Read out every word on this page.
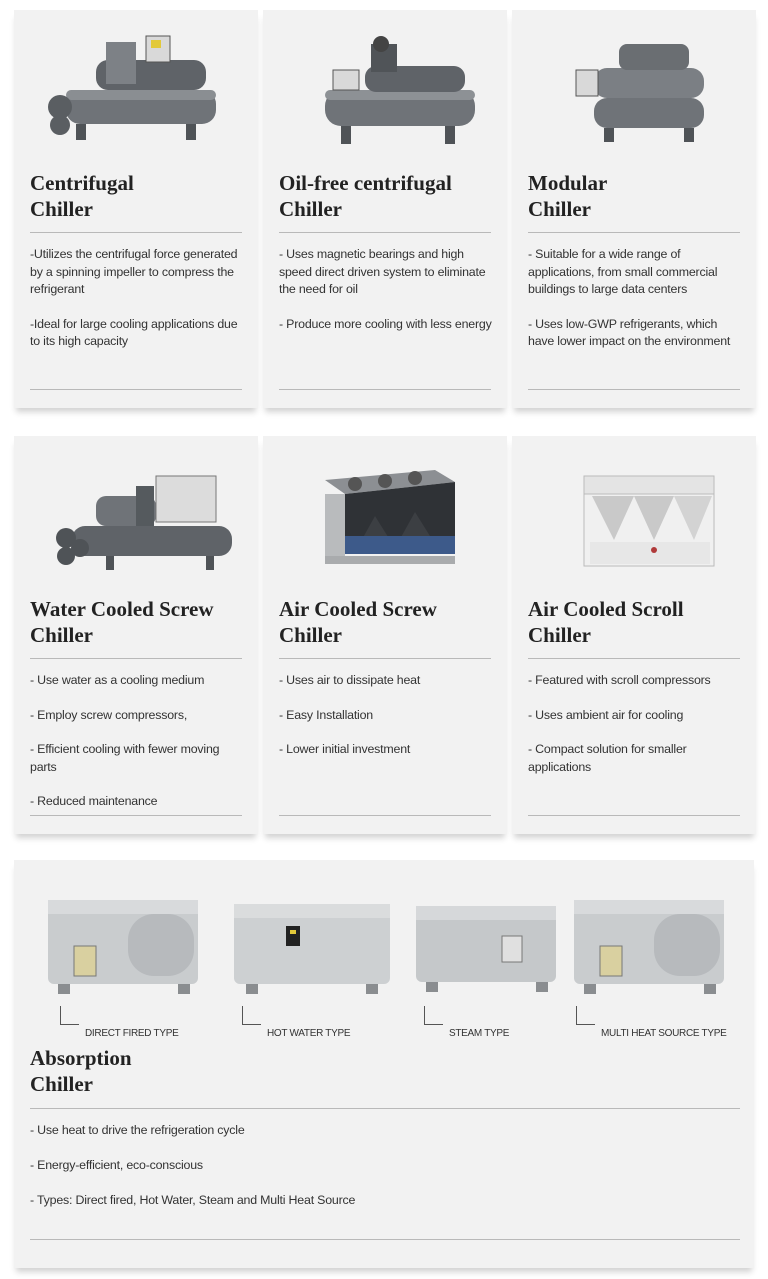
Centrifugal
Chiller

-Utilizes the centrifugal force generated by a spinning impeller to compress the refrigerant

-Ideal for large cooling applications due to its high capacity

Oil-free centrifugal
Chiller

- Uses magnetic bearings and high speed direct driven system to eliminate the need for oil

- Produce more cooling with less energy

Modular
Chiller

- Suitable for a wide range of applications, from small commercial buildings to large data centers

- Uses low-GWP refrigerants, which have lower impact on the environment

Water Cooled Screw
Chiller

- Use water as a cooling medium

- Employ screw compressors,

- Efficient cooling with fewer moving parts

- Reduced maintenance

Air Cooled Screw
Chiller

- Uses air to dissipate heat

- Easy Installation

- Lower initial investment

Air Cooled Scroll
Chiller

- Featured with scroll compressors

- Uses ambient air for cooling

- Compact solution for smaller applications

DIRECT FIRED TYPE	HOT WATER TYPE	STEAM TYPE	MULTI HEAT SOURCE TYPE
Absorption
Chiller

- Use heat to drive the refrigeration cycle

- Energy-efficient, eco-conscious

- Types: Direct fired, Hot Water, Steam and Multi Heat Source
